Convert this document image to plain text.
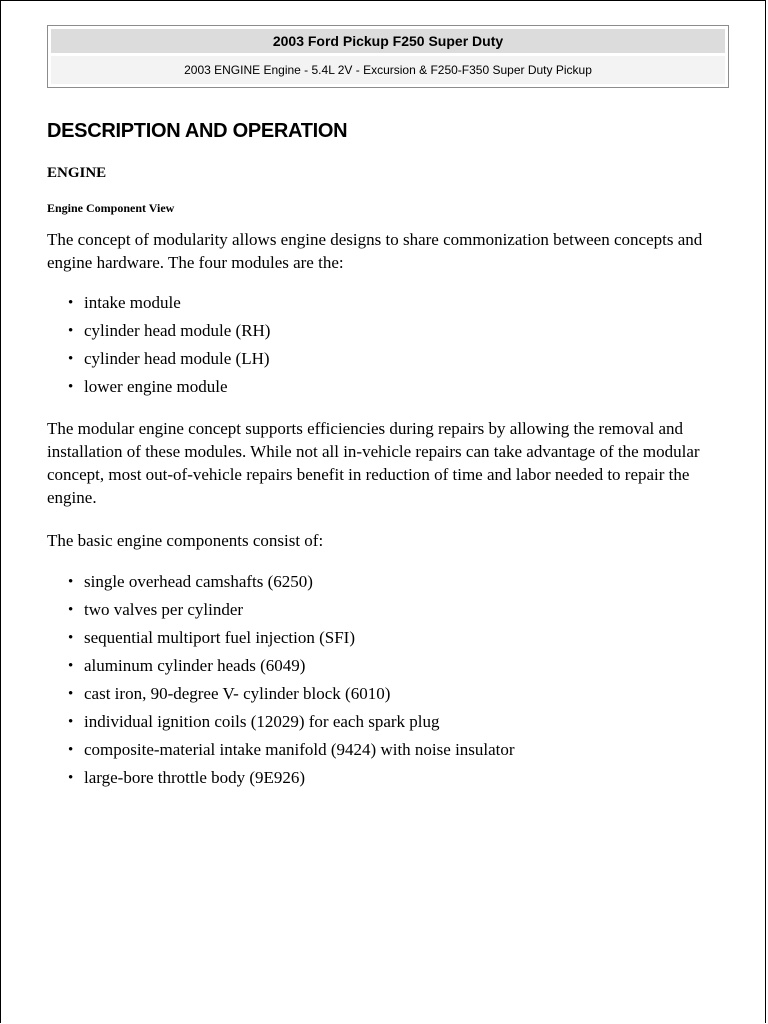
2003 Ford Pickup F250 Super Duty
2003 ENGINE Engine - 5.4L 2V - Excursion & F250-F350 Super Duty Pickup
DESCRIPTION AND OPERATION
ENGINE
Engine Component View

The concept of modularity allows engine designs to share commonization between concepts and engine hardware. The four modules are the:

• intake module
• cylinder head module (RH)
• cylinder head module (LH)
• lower engine module

The modular engine concept supports efficiencies during repairs by allowing the removal and installation of these modules. While not all in-vehicle repairs can take advantage of the modular concept, most out-of-vehicle repairs benefit in reduction of time and labor needed to repair the engine.

The basic engine components consist of:

• single overhead camshafts (6250)
• two valves per cylinder
• sequential multiport fuel injection (SFI)
• aluminum cylinder heads (6049)
• cast iron, 90-degree V- cylinder block (6010)
• individual ignition coils (12029) for each spark plug
• composite-material intake manifold (9424) with noise insulator
• large-bore throttle body (9E926)
